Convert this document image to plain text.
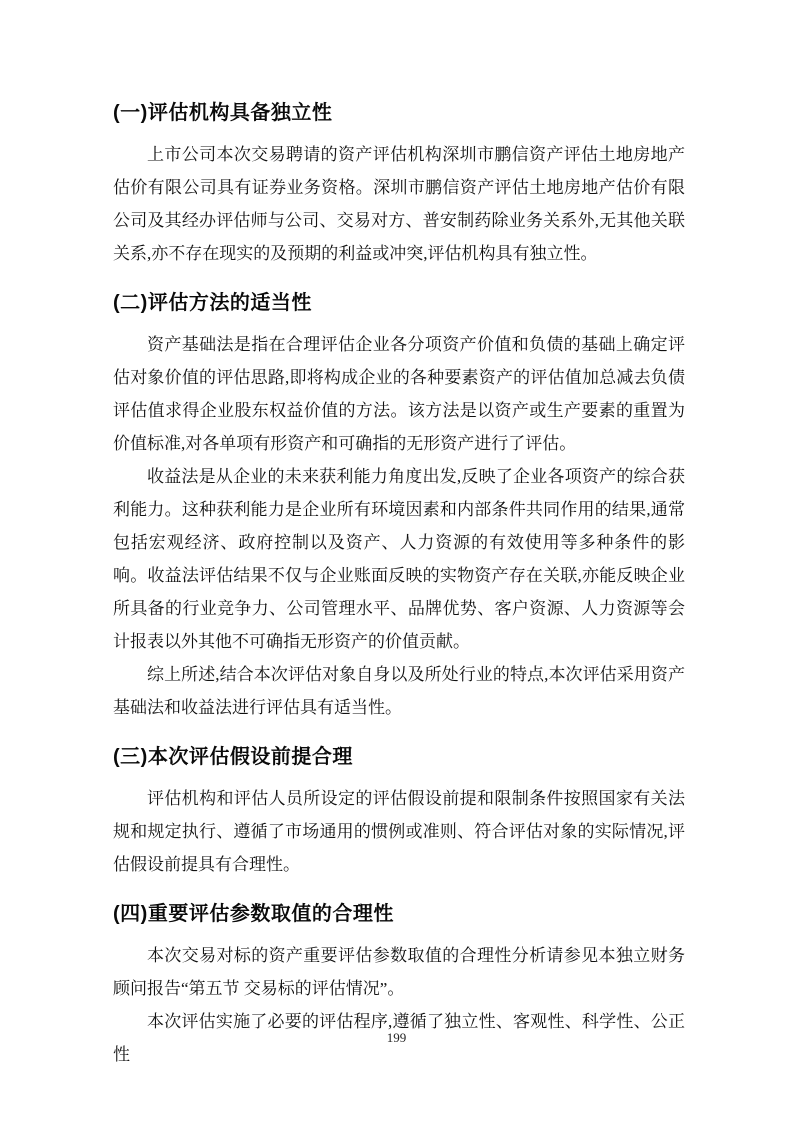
(一)评估机构具备独立性

上市公司本次交易聘请的资产评估机构深圳市鹏信资产评估土地房地产估价有限公司具有证券业务资格。深圳市鹏信资产评估土地房地产估价有限公司及其经办评估师与公司、交易对方、普安制药除业务关系外,无其他关联关系,亦不存在现实的及预期的利益或冲突,评估机构具有独立性。

(二)评估方法的适当性

资产基础法是指在合理评估企业各分项资产价值和负债的基础上确定评估对象价值的评估思路,即将构成企业的各种要素资产的评估值加总减去负债评估值求得企业股东权益价值的方法。该方法是以资产或生产要素的重置为价值标准,对各单项有形资产和可确指的无形资产进行了评估。

收益法是从企业的未来获利能力角度出发,反映了企业各项资产的综合获利能力。这种获利能力是企业所有环境因素和内部条件共同作用的结果,通常包括宏观经济、政府控制以及资产、人力资源的有效使用等多种条件的影响。收益法评估结果不仅与企业账面反映的实物资产存在关联,亦能反映企业所具备的行业竞争力、公司管理水平、品牌优势、客户资源、人力资源等会计报表以外其他不可确指无形资产的价值贡献。

综上所述,结合本次评估对象自身以及所处行业的特点,本次评估采用资产基础法和收益法进行评估具有适当性。

(三)本次评估假设前提合理

评估机构和评估人员所设定的评估假设前提和限制条件按照国家有关法规和规定执行、遵循了市场通用的惯例或准则、符合评估对象的实际情况,评估假设前提具有合理性。

(四)重要评估参数取值的合理性

本次交易对标的资产重要评估参数取值的合理性分析请参见本独立财务顾问报告“第五节 交易标的评估情况”。

本次评估实施了必要的评估程序,遵循了独立性、客观性、科学性、公正性

199
